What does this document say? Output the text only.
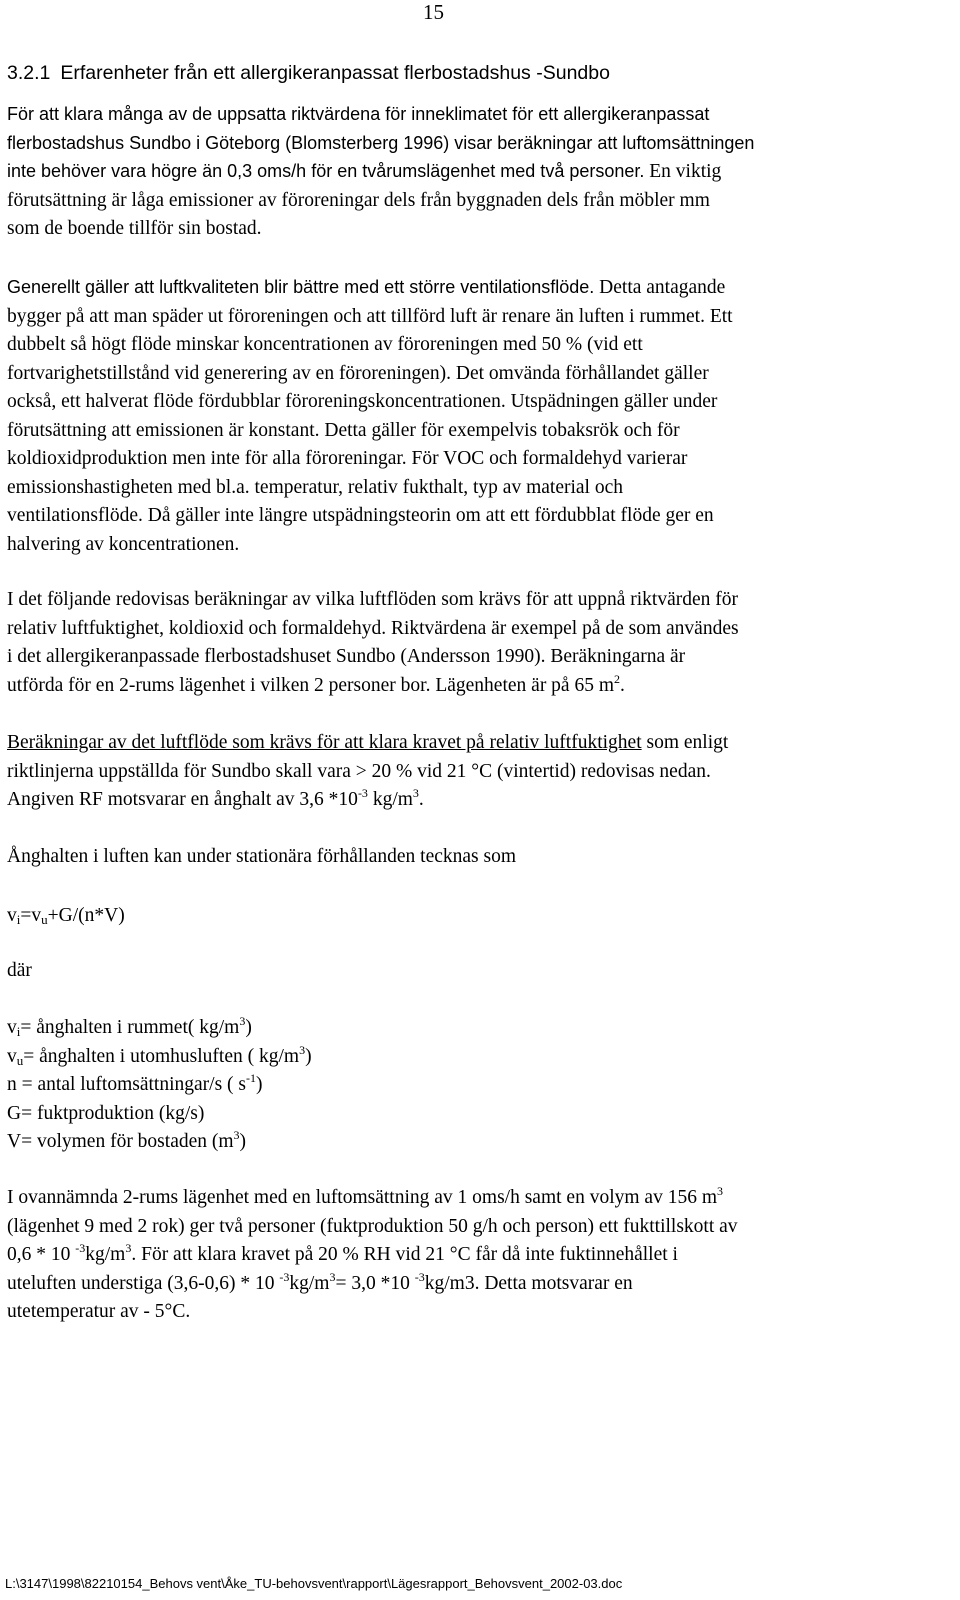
15
3.2.1 Erfarenheter från ett allergikeranpassat flerbostadshus -Sundbo
För att klara många av de uppsatta riktvärdena för inneklimatet för ett allergikeranpassat
flerbostadshus Sundbo i Göteborg (Blomsterberg 1996) visar beräkningar att luftomsättningen
inte behöver vara högre än 0,3 oms/h för en tvårumslägenhet med två personer. En viktig
förutsättning är låga emissioner av föroreningar dels från byggnaden dels från möbler mm
som de boende tillför sin bostad.
Generellt gäller att luftkvaliteten blir bättre med ett större ventilationsflöde. Detta antagande
bygger på att man späder ut föroreningen och att tillförd luft är renare än luften i rummet. Ett
dubbelt så högt flöde minskar koncentrationen av föroreningen med 50 % (vid ett
fortvarighetstillstånd vid generering av en föroreningen). Det omvända förhållandet gäller
också, ett halverat flöde fördubblar föroreningskoncentrationen. Utspädningen gäller under
förutsättning att emissionen är konstant. Detta gäller för exempelvis tobaksrök och för
koldioxidproduktion men inte för alla föroreningar. För VOC och formaldehyd varierar
emissionshastigheten med bl.a. temperatur, relativ fukthalt, typ av material och
ventilationsflöde. Då gäller inte längre utspädningsteorin om att ett fördubblat flöde ger en
halvering av koncentrationen.
I det följande redovisas beräkningar av vilka luftflöden som krävs för att uppnå riktvärden för
relativ luftfuktighet, koldioxid och formaldehyd. Riktvärdena är exempel på de som användes
i det allergikeranpassade flerbostadshuset Sundbo (Andersson 1990). Beräkningarna är
utförda för en 2-rums lägenhet i vilken 2 personer bor. Lägenheten är på 65 $m^2$.
Beräkningar av det luftflöde som krävs för att klara kravet på relativ luftfuktighet som enligt
riktlinjerna uppställda för Sundbo skall vara > 20 % vid 21 °C (vintertid) redovisas nedan.
Angiven RF motsvarar en ånghalt av 3,6 $*10^{-3}$ $kg/m^3$.
Ånghalten i luften kan under stationära förhållanden tecknas som
$v_i=v_u+G/(n*V)$
där
$v_i=$ ånghalten i rummet( $kg/m^3$)
$v_u=$ ånghalten i utomhusluften ( $kg/m^3$)
n = antal luftomsättningar/s ( $s^{-1}$)
G= fuktproduktion (kg/s)
V= volymen för bostaden $(m^3)$
I ovannämnda 2-rums lägenhet med en luftomsättning av 1 oms/h samt en volym av 156 $m^3$
(lägenhet 9 med 2 rok) ger två personer (fuktproduktion 50 g/h och person) ett fukttillskott av
0,6 * 10 $^{-3}kg/m^3$. För att klara kravet på 20 % RH vid 21 °C får då inte fuktinnehållet i
uteluften understiga (3,6-0,6) * 10 $^{-3}kg/m^3= 3,0$ *10 $^{-3}$kg/m3. Detta motsvarar en
utetemperatur av - 5°C.
L:\3147\1998\82210154_Behovs vent\Åke_TU-behovsvent\rapport\Lägesrapport_Behovsvent_2002-03.doc
